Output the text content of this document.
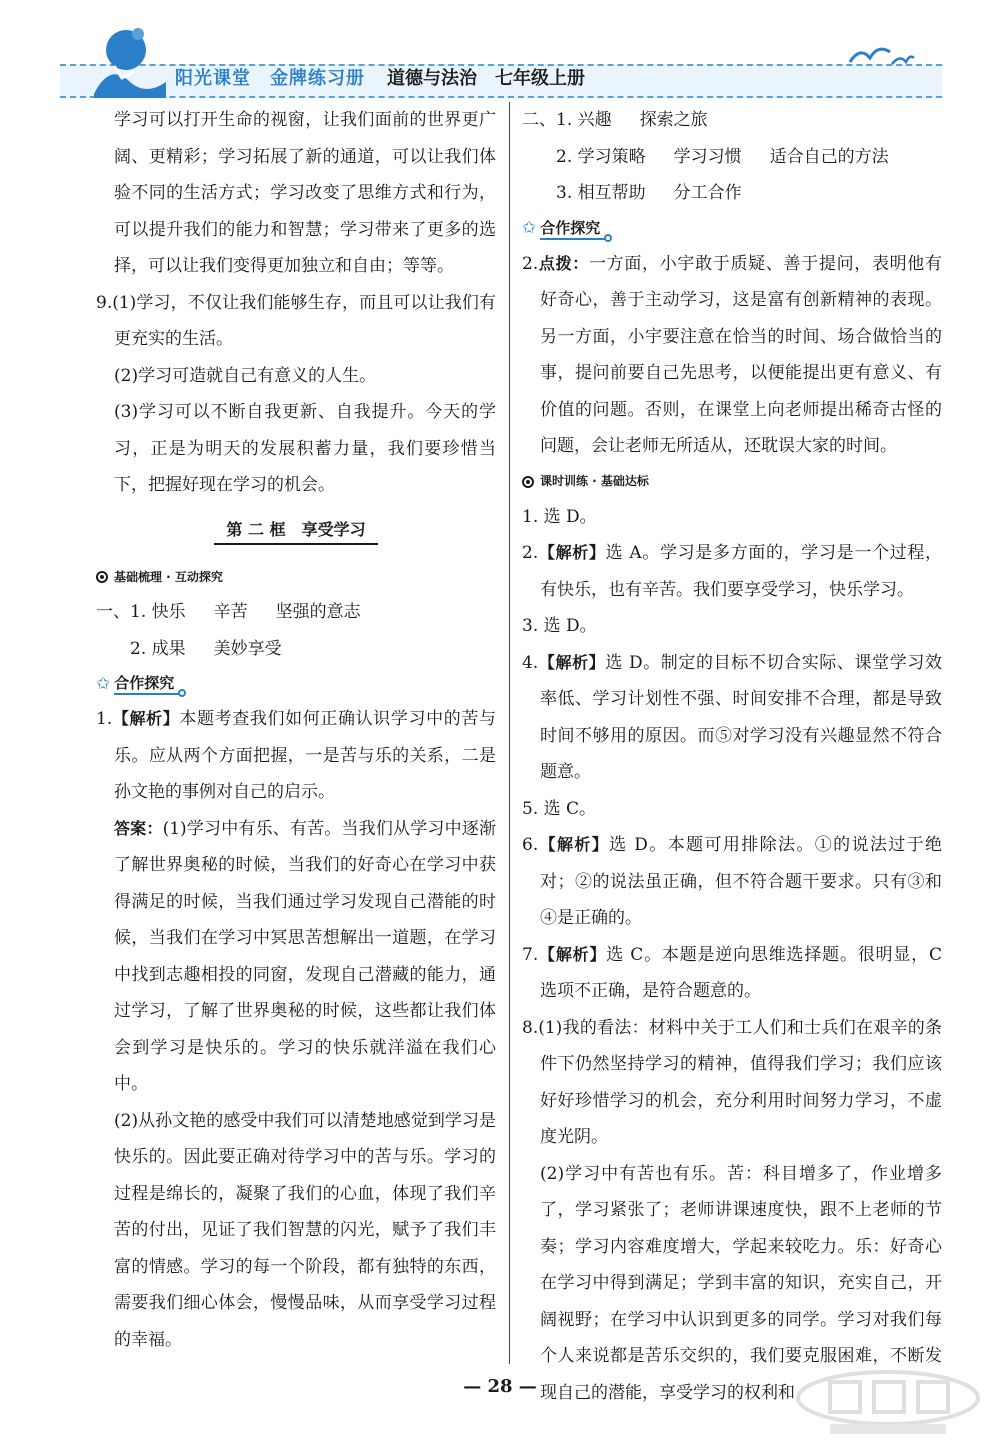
阳光课堂　金牌练习册 道德与法治　七年级上册

学习可以打开生命的视窗，让我们面前的世界更广阔、更精彩；学习拓展了新的通道，可以让我们体验不同的生活方式；学习改变了思维方式和行为，可以提升我们的能力和智慧；学习带来了更多的选择，可以让我们变得更加独立和自由；等等。

9.(1)学习，不仅让我们能够生存，而且可以让我们有更充实的生活。

(2)学习可造就自己有意义的人生。

(3)学习可以不断自我更新、自我提升。今天的学习，正是为明天的发展积蓄力量，我们要珍惜当下，把握好现在学习的机会。

第 二 框　享受学习
基础梳理 · 互动探究

一、1. 快乐 辛苦 坚强的意志

2. 成果 美妙享受

✩ 合作探究

1.【解析】本题考查我们如何正确认识学习中的苦与乐。应从两个方面把握，一是苦与乐的关系，二是孙文艳的事例对自己的启示。

答案：(1)学习中有乐、有苦。当我们从学习中逐渐了解世界奥秘的时候，当我们的好奇心在学习中获得满足的时候，当我们通过学习发现自己潜能的时候，当我们在学习中冥思苦想解出一道题，在学习中找到志趣相投的同窗，发现自己潜藏的能力，通过学习，了解了世界奥秘的时候，这些都让我们体会到学习是快乐的。学习的快乐就洋溢在我们心中。

(2)从孙文艳的感受中我们可以清楚地感觉到学习是快乐的。因此要正确对待学习中的苦与乐。学习的过程是绵长的，凝聚了我们的心血，体现了我们辛苦的付出，见证了我们智慧的闪光，赋予了我们丰富的情感。学习的每一个阶段，都有独特的东西，需要我们细心体会，慢慢品味，从而享受学习过程的幸福。

二、1. 兴趣 探索之旅

2. 学习策略 学习习惯 适合自己的方法

3. 相互帮助 分工合作

✩ 合作探究

2.点拨：一方面，小宇敢于质疑、善于提问，表明他有好奇心，善于主动学习，这是富有创新精神的表现。另一方面，小宇要注意在恰当的时间、场合做恰当的事，提问前要自己先思考，以便能提出更有意义、有价值的问题。否则，在课堂上向老师提出稀奇古怪的问题，会让老师无所适从，还耽误大家的时间。

课时训练 · 基础达标

1. 选 D。

2.【解析】选 A。学习是多方面的，学习是一个过程，有快乐，也有辛苦。我们要享受学习，快乐学习。

3. 选 D。

4.【解析】选 D。制定的目标不切合实际、课堂学习效率低、学习计划性不强、时间安排不合理，都是导致时间不够用的原因。而⑤对学习没有兴趣显然不符合题意。

5. 选 C。

6.【解析】选 D。本题可用排除法。①的说法过于绝对；②的说法虽正确，但不符合题干要求。只有③和④是正确的。

7.【解析】选 C。本题是逆向思维选择题。很明显，C 选项不正确，是符合题意的。

8.(1)我的看法：材料中关于工人们和士兵们在艰辛的条件下仍然坚持学习的精神，值得我们学习；我们应该好好珍惜学习的机会，充分利用时间努力学习，不虚度光阴。

(2)学习中有苦也有乐。苦：科目增多了，作业增多了，学习紧张了；老师讲课速度快，跟不上老师的节奏；学习内容难度增大，学起来较吃力。乐：好奇心在学习中得到满足；学到丰富的知识，充实自己，开阔视野；在学习中认识到更多的同学。学习对我们每个人来说都是苦乐交织的，我们要克服困难，不断发现自己的潜能，享受学习的权利和

— 28 —
